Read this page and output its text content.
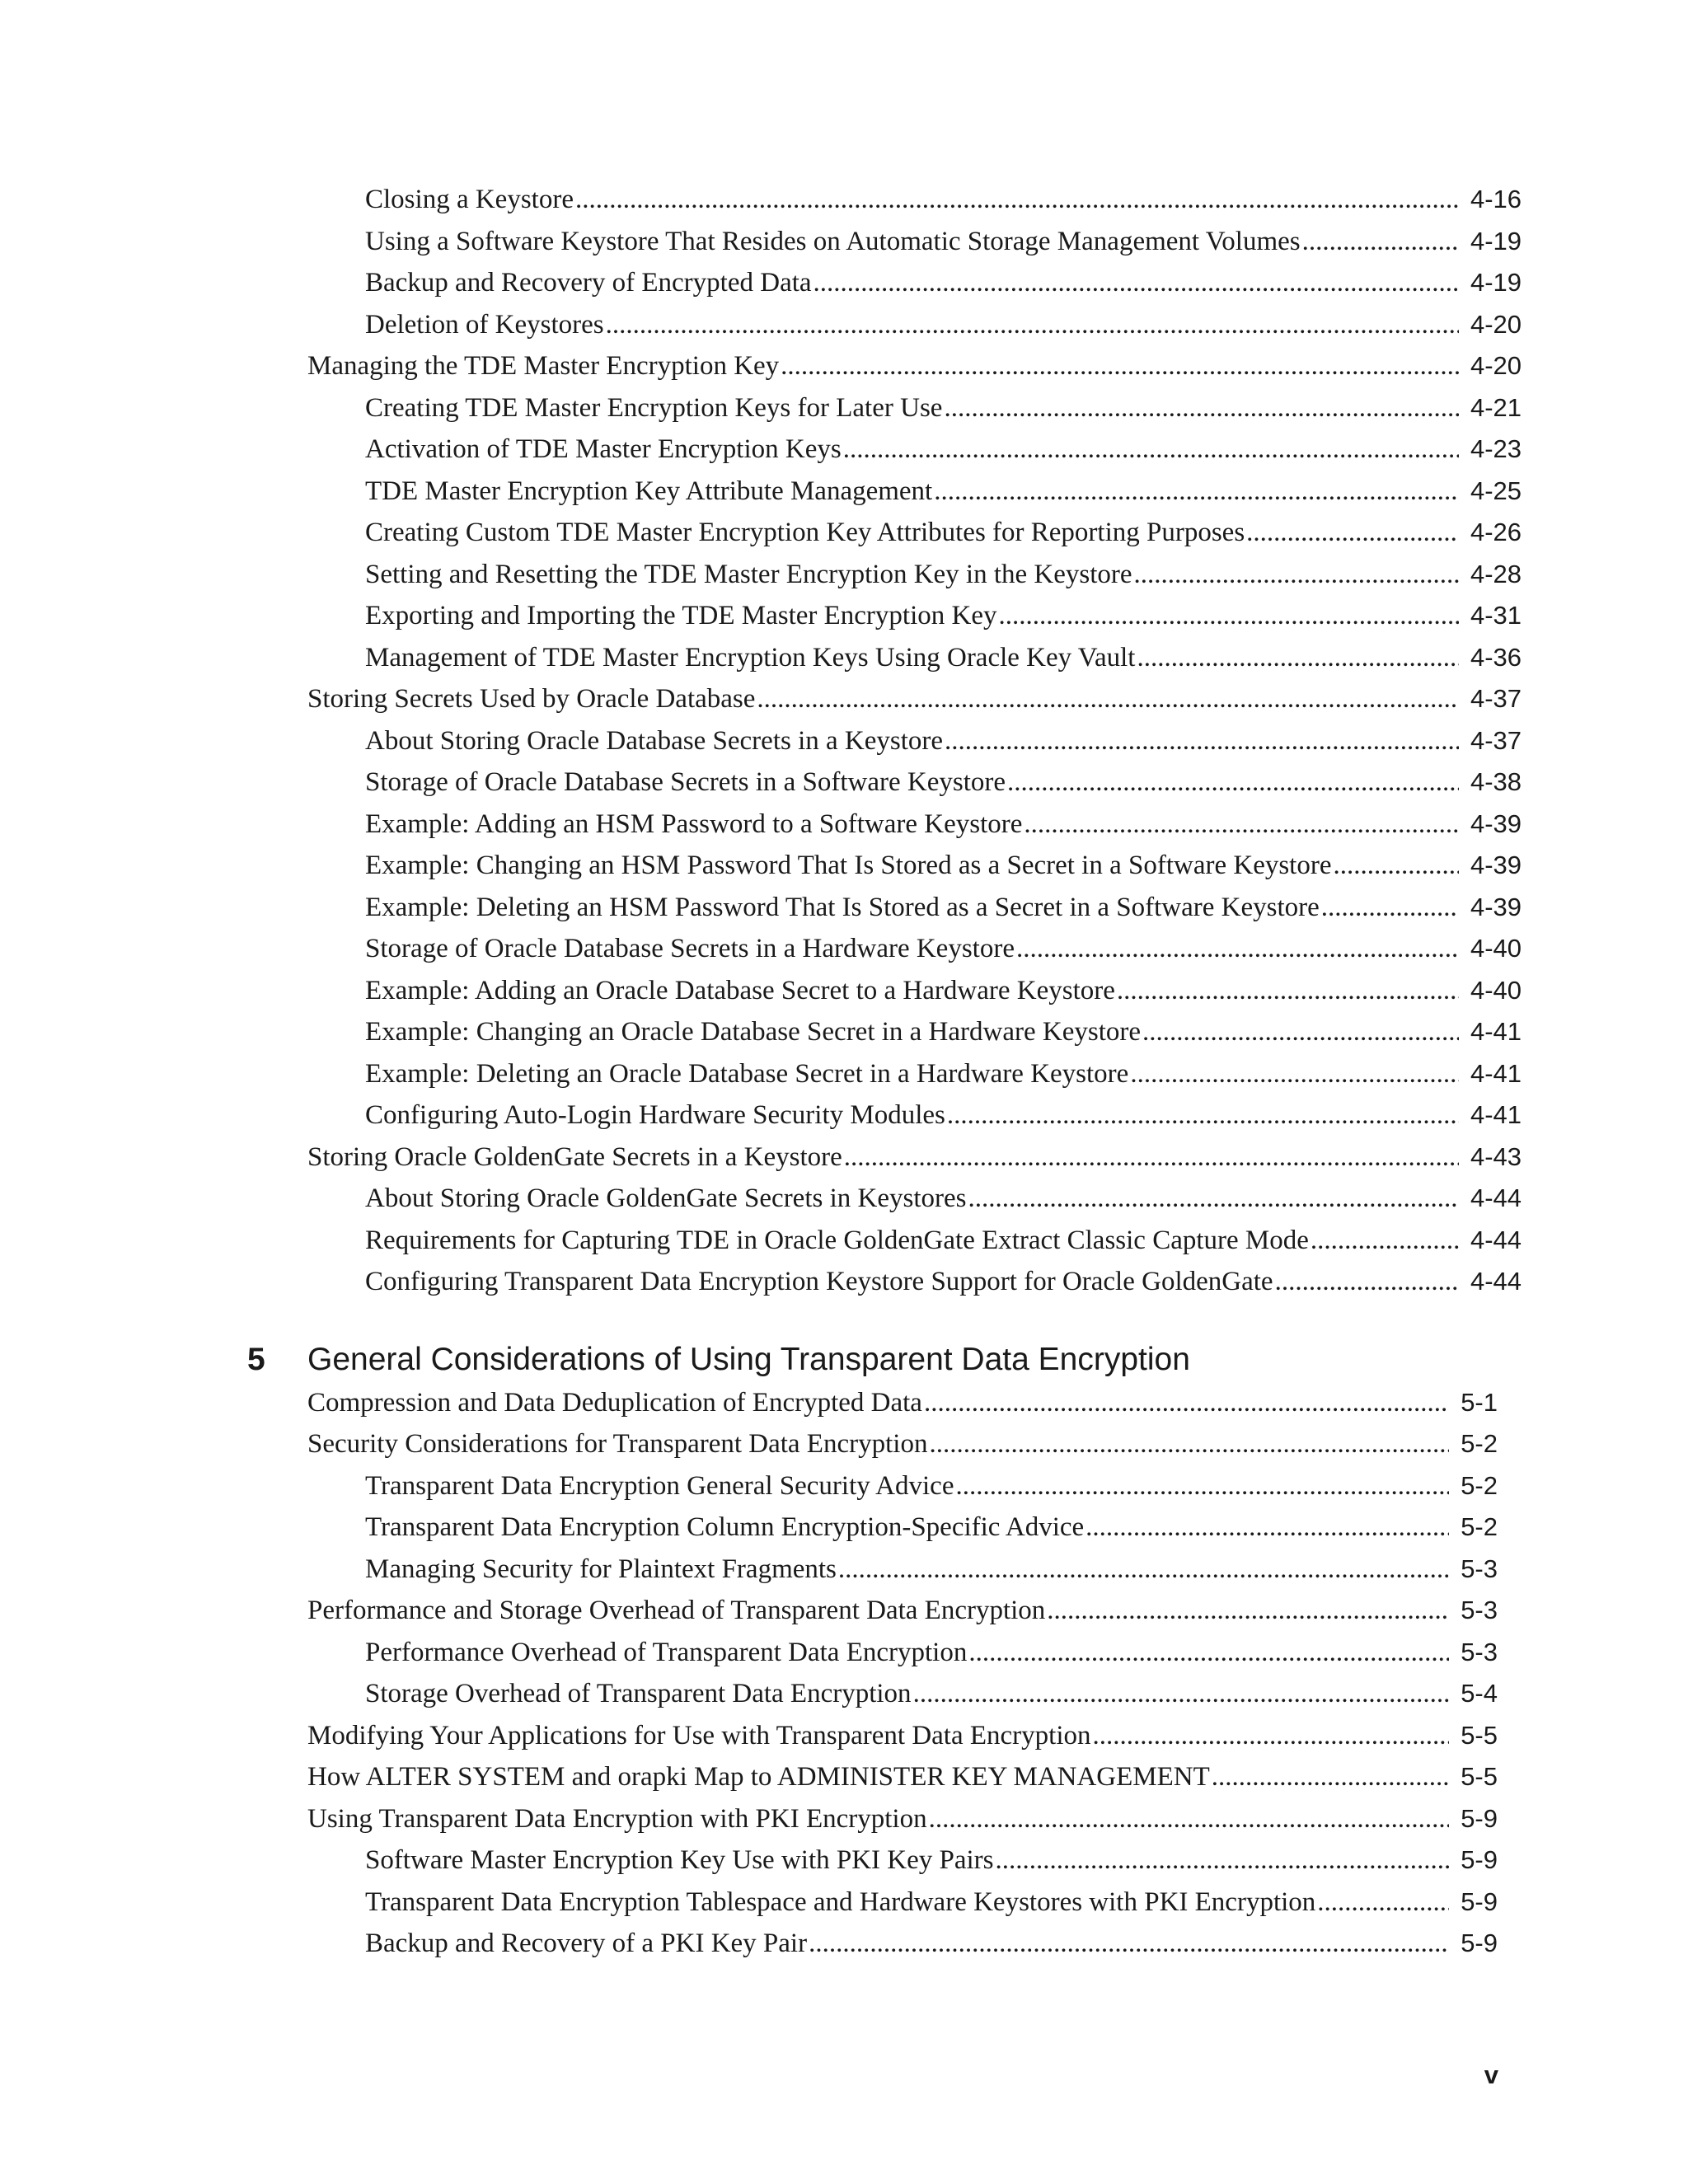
Closing a Keystore .....	4-16
Using a Software Keystore That Resides on Automatic Storage Management Volumes .....	4-19
Backup and Recovery of Encrypted Data .....	4-19
Deletion of Keystores .....	4-20
Managing the TDE Master Encryption Key .....	4-20
Creating TDE Master Encryption Keys for Later Use .....	4-21
Activation of TDE Master Encryption Keys .....	4-23
TDE Master Encryption Key Attribute Management .....	4-25
Creating Custom TDE Master Encryption Key Attributes for Reporting Purposes .....	4-26
Setting and Resetting the TDE Master Encryption Key in the Keystore .....	4-28
Exporting and Importing the TDE Master Encryption Key .....	4-31
Management of TDE Master Encryption Keys Using Oracle Key Vault .....	4-36
Storing Secrets Used by Oracle Database .....	4-37
About Storing Oracle Database Secrets in a Keystore .....	4-37
Storage of Oracle Database Secrets in a Software Keystore .....	4-38
Example: Adding an HSM Password to a Software Keystore .....	4-39
Example: Changing an HSM Password That Is Stored as a Secret in a Software Keystore .....	4-39
Example: Deleting an HSM Password That Is Stored as a Secret in a Software Keystore .....	4-39
Storage of Oracle Database Secrets in a Hardware Keystore .....	4-40
Example: Adding an Oracle Database Secret to a Hardware Keystore .....	4-40
Example: Changing an Oracle Database Secret in a Hardware Keystore .....	4-41
Example: Deleting an Oracle Database Secret in a Hardware Keystore .....	4-41
Configuring Auto-Login Hardware Security Modules .....	4-41
Storing Oracle GoldenGate Secrets in a Keystore .....	4-43
About Storing Oracle GoldenGate Secrets in Keystores .....	4-44
Requirements for Capturing TDE in Oracle GoldenGate Extract Classic Capture Mode .....	4-44
Configuring Transparent Data Encryption Keystore Support for Oracle GoldenGate .....	4-44
5	General Considerations of Using Transparent Data Encryption
Compression and Data Deduplication of Encrypted Data .....	5-1
Security Considerations for Transparent Data Encryption .....	5-2
Transparent Data Encryption General Security Advice .....	5-2
Transparent Data Encryption Column Encryption-Specific Advice .....	5-2
Managing Security for Plaintext Fragments .....	5-3
Performance and Storage Overhead of Transparent Data Encryption .....	5-3
Performance Overhead of Transparent Data Encryption .....	5-3
Storage Overhead of Transparent Data Encryption .....	5-4
Modifying Your Applications for Use with Transparent Data Encryption .....	5-5
How ALTER SYSTEM and orapki Map to ADMINISTER KEY MANAGEMENT .....	5-5
Using Transparent Data Encryption with PKI Encryption .....	5-9
Software Master Encryption Key Use with PKI Key Pairs .....	5-9
Transparent Data Encryption Tablespace and Hardware Keystores with PKI Encryption .....	5-9
Backup and Recovery of a PKI Key Pair .....	5-9
v
